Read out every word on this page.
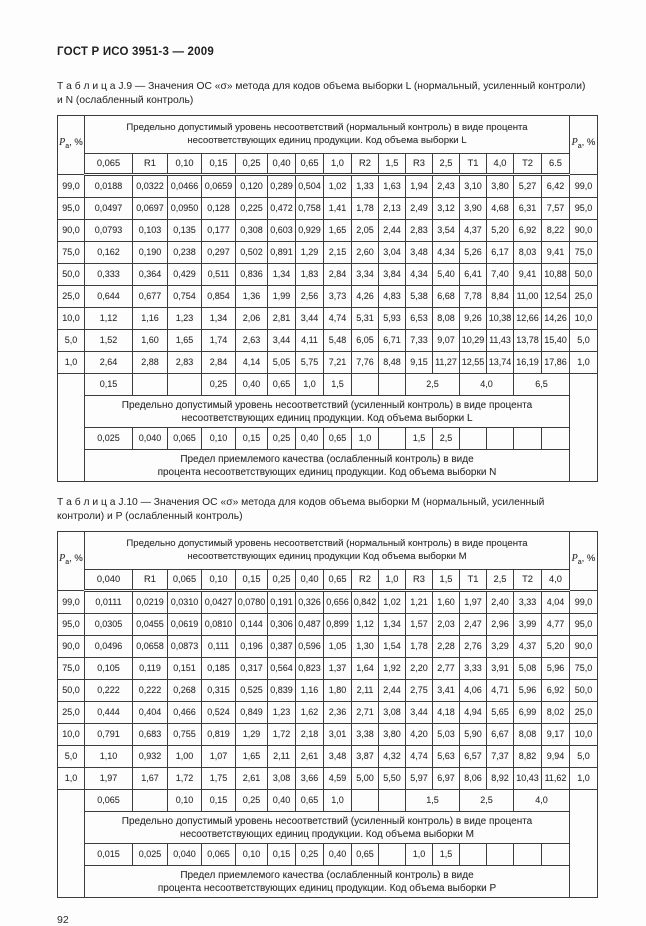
ГОСТ Р ИСО 3951-3 — 2009

Т а б л и ц а J.9 — Значения ОС «σ» метода для кодов объема выборки L (нормальный, усиленный контроли) и N (ослабленный контроль)

$P_а$, %	Предельно допустимый уровень несоответствий (нормальный контроль) в виде процента
несоответствующих единиц продукции. Код объема выборки L																$P_а$, %
	0,065	R1	0,10	0,15	0,25	0,40	0,65	1,0	R2	1,5	R3	2,5	T1	4,0	T2	6.5	
99,0	0,0188	0,0322	0,0466	0,0659	0,120	0,289	0,504	1,02	1,33	1,63	1,94	2,43	3,10	3,80	5,27	6,42	99,0
95,0	0,0497	0,0697	0,0950	0,128	0,225	0,472	0,758	1,41	1,78	2,13	2,49	3,12	3,90	4,68	6,31	7,57	95,0
90,0	0,0793	0,103	0,135	0,177	0,308	0,603	0,929	1,65	2,05	2,44	2,83	3,54	4,37	5,20	6,92	8,22	90,0
75,0	0,162	0,190	0,238	0,297	0,502	0,891	1,29	2,15	2,60	3,04	3,48	4,34	5,26	6,17	8,03	9,41	75,0
50,0	0,333	0,364	0,429	0,511	0,836	1,34	1,83	2,84	3,34	3,84	4,34	5,40	6,41	7,40	9,41	10,88	50,0
25,0	0,644	0,677	0,754	0,854	1,36	1,99	2,56	3,73	4,26	4,83	5,38	6,68	7,78	8,84	11,00	12,54	25,0
10,0	1,12	1,16	1,23	1,34	2,06	2,81	3,44	4,74	5,31	5,93	6,53	8,08	9,26	10,38	12,66	14,26	10,0
5,0	1,52	1,60	1,65	1,74	2,63	3,44	4,11	5,48	6,05	6,71	7,33	9,07	10,29	11,43	13,78	15,40	5,0
1,0	2,64	2,88	2,83	2,84	4,14	5,05	5,75	7,21	7,76	8,48	9,15	11,27	12,55	13,74	16,19	17,86	1,0
	0,15			0,25	0,40	0,65	1,0	1,5			2,5		4,0		6,5		
	Предельно допустимый уровень несоответствий (усиленный контроль) в виде процента
несоответствующих единиц продукции. Код объема выборки L																
	0,025	0,040	0,065	0,10	0,15	0,25	0,40	0,65	1,0		1,5	2,5					
	Предел приемлемого качества (ослабленный контроль) в виде
процента несоответствующих единиц продукции. Код объема выборки N																

Т а б л и ц а J.10 — Значения ОС «σ» метода для кодов объема выборки M (нормальный, усиленный контроли) и P (ослабленный контроль)

$P_а$, %	Предельно допустимый уровень несоответствий (нормальный контроль) в виде процента
несоответствующих единиц продукции Код объема выборки M																$P_а$, %
	0,040	R1	0,065	0,10	0,15	0,25	0,40	0,65	R2	1,0	R3	1,5	T1	2,5	T2	4,0	
99,0	0,0111	0,0219	0,0310	0,0427	0,0780	0,191	0,326	0,656	0,842	1,02	1,21	1,60	1,97	2,40	3,33	4,04	99,0
95,0	0,0305	0,0455	0,0619	0,0810	0,144	0,306	0,487	0,899	1,12	1,34	1,57	2,03	2,47	2,96	3,99	4,77	95,0
90,0	0,0496	0,0658	0,0873	0,111	0,196	0,387	0,596	1,05	1,30	1,54	1,78	2,28	2,76	3,29	4,37	5,20	90,0
75,0	0,105	0,119	0,151	0,185	0,317	0,564	0,823	1,37	1,64	1,92	2,20	2,77	3,33	3,91	5,08	5,96	75,0
50,0	0,222	0,222	0,268	0,315	0,525	0,839	1,16	1,80	2,11	2,44	2,75	3,41	4,06	4,71	5,96	6,92	50,0
25,0	0,444	0,404	0,466	0,524	0,849	1,23	1,62	2,36	2,71	3,08	3,44	4,18	4,94	5,65	6,99	8,02	25,0
10,0	0,791	0,683	0,755	0,819	1,29	1,72	2,18	3,01	3,38	3,80	4,20	5,03	5,90	6,67	8,08	9,17	10,0
5,0	1,10	0,932	1,00	1,07	1,65	2,11	2,61	3,48	3,87	4,32	4,74	5,63	6,57	7,37	8,82	9,94	5,0
1,0	1,97	1,67	1,72	1,75	2,61	3,08	3,66	4,59	5,00	5,50	5,97	6,97	8,06	8,92	10,43	11,62	1,0
	0,065		0,10	0,15	0,25	0,40	0,65	1,0			1,5		2,5		4,0		
	Предельно допустимый уровень несоответствий (усиленный контроль) в виде процента
несоответствующих единиц продукции. Код объема выборки M																
	0,015	0,025	0,040	0,065	0,10	0,15	0,25	0,40	0,65		1,0	1,5					
	Предел приемлемого качества (ослабленный контроль) в виде
процента несоответствующих единиц продукции. Код объема выборки P																
92
